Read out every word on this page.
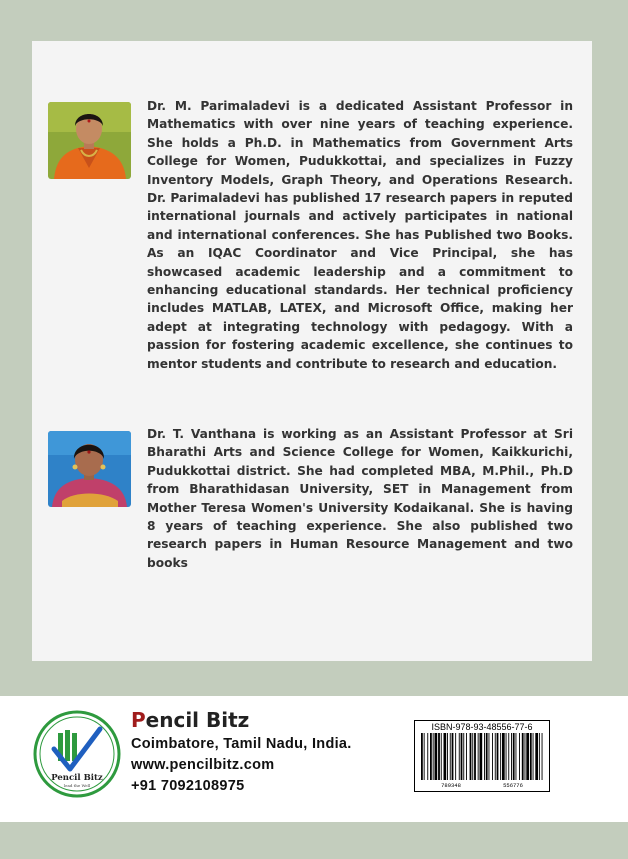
Dr. M. Parimaladevi is a dedicated Assistant Professor in Mathematics with over nine years of teaching experience. She holds a Ph.D. in Mathematics from Government Arts College for Women, Pudukkottai, and specializes in Fuzzy Inventory Models, Graph Theory, and Operations Research. Dr. Parimaladevi has published 17 research papers in reputed international journals and actively participates in national and international conferences. She has Published two Books. As an IQAC Coordinator and Vice Principal, she has showcased academic leadership and a commitment to enhancing educational standards. Her technical proficiency includes MATLAB, LATEX, and Microsoft Office, making her adept at integrating technology with pedagogy. With a passion for fostering academic excellence, she continues to mentor students and contribute to research and education.

Dr. T. Vanthana is working as an Assistant Professor at Sri Bharathi Arts and Science College for Women, Kaikkurichi, Pudukkottai district. She had completed MBA, M.Phil., Ph.D from Bharathidasan University, SET in Management from Mother Teresa Women's University Kodaikanal. She is having 8 years of teaching experience. She also published two research papers in Human Resource Management and two books

Pencil Bitz
lead the Well
Pencil Bitz
Coimbatore, Tamil Nadu, India.
www.pencilbitz.com
+91 7092108975
ISBN-978-93-48556-77-6
789348	556776
